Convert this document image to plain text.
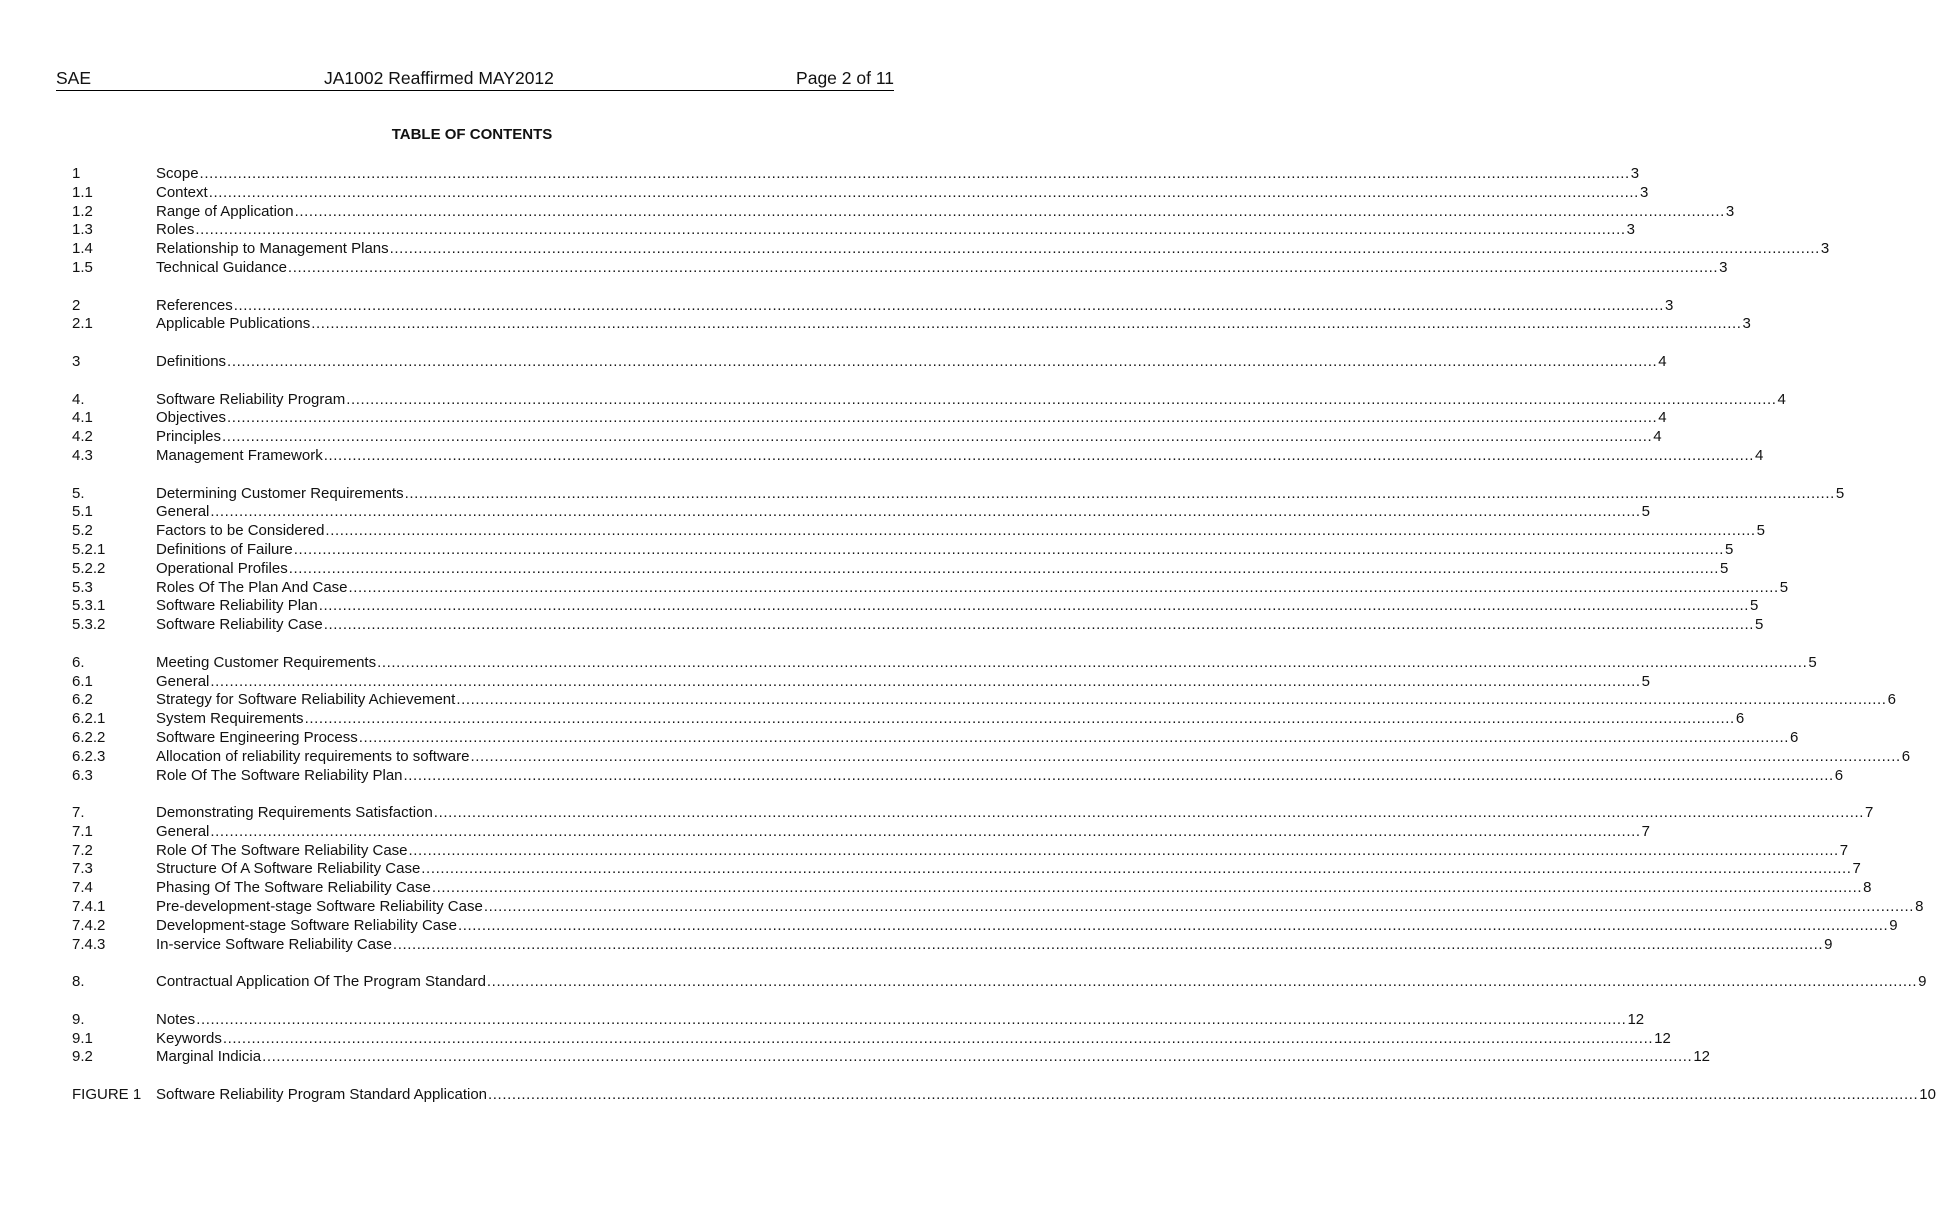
SAE	JA1002 Reaffirmed MAY2012	Page 2 of 11
TABLE OF CONTENTS
1	Scope ............................................................................................................................................................................................................................................................................................................ 3
1.1	Context ............................................................................................................................................................................................................................................................................................................ 3
1.2	Range of Application ............................................................................................................................................................................................................................................................................................................ 3
1.3	Roles ............................................................................................................................................................................................................................................................................................................ 3
1.4	Relationship to Management Plans ............................................................................................................................................................................................................................................................................................................ 3
1.5	Technical Guidance ............................................................................................................................................................................................................................................................................................................ 3
2	References ............................................................................................................................................................................................................................................................................................................ 3
2.1	Applicable Publications ............................................................................................................................................................................................................................................................................................................ 3
3	Definitions ............................................................................................................................................................................................................................................................................................................ 4
4.	Software Reliability Program ............................................................................................................................................................................................................................................................................................................ 4
4.1	Objectives ............................................................................................................................................................................................................................................................................................................ 4
4.2	Principles ............................................................................................................................................................................................................................................................................................................ 4
4.3	Management Framework ............................................................................................................................................................................................................................................................................................................ 4
5.	Determining Customer Requirements ............................................................................................................................................................................................................................................................................................................ 5
5.1	General ............................................................................................................................................................................................................................................................................................................ 5
5.2	Factors to be Considered ............................................................................................................................................................................................................................................................................................................ 5
5.2.1	Definitions of Failure ............................................................................................................................................................................................................................................................................................................ 5
5.2.2	Operational Profiles ............................................................................................................................................................................................................................................................................................................ 5
5.3	Roles Of The Plan And Case ............................................................................................................................................................................................................................................................................................................ 5
5.3.1	Software Reliability Plan ............................................................................................................................................................................................................................................................................................................ 5
5.3.2	Software Reliability Case ............................................................................................................................................................................................................................................................................................................ 5
6.	Meeting Customer Requirements ............................................................................................................................................................................................................................................................................................................ 5
6.1	General ............................................................................................................................................................................................................................................................................................................ 5
6.2	Strategy for Software Reliability Achievement ............................................................................................................................................................................................................................................................................................................ 6
6.2.1	System Requirements ............................................................................................................................................................................................................................................................................................................ 6
6.2.2	Software Engineering Process ............................................................................................................................................................................................................................................................................................................ 6
6.2.3	Allocation of reliability requirements to software ............................................................................................................................................................................................................................................................................................................ 6
6.3	Role Of The Software Reliability Plan ............................................................................................................................................................................................................................................................................................................ 6
7.	Demonstrating Requirements Satisfaction ............................................................................................................................................................................................................................................................................................................ 7
7.1	General ............................................................................................................................................................................................................................................................................................................ 7
7.2	Role Of The Software Reliability Case ............................................................................................................................................................................................................................................................................................................ 7
7.3	Structure Of A Software Reliability Case ............................................................................................................................................................................................................................................................................................................ 7
7.4	Phasing Of The Software Reliability Case ............................................................................................................................................................................................................................................................................................................ 8
7.4.1	Pre-development-stage Software Reliability Case ............................................................................................................................................................................................................................................................................................................ 8
7.4.2	Development-stage Software Reliability Case ............................................................................................................................................................................................................................................................................................................ 9
7.4.3	In-service Software Reliability Case ............................................................................................................................................................................................................................................................................................................ 9
8.	Contractual Application Of The Program Standard ............................................................................................................................................................................................................................................................................................................ 9
9.	Notes ............................................................................................................................................................................................................................................................................................................ 12
9.1	Keywords ............................................................................................................................................................................................................................................................................................................ 12
9.2	Marginal Indicia ............................................................................................................................................................................................................................................................................................................ 12
FIGURE 1 Software Reliability Program Standard Application ............................................................................................................................................................................................................................................................................................................ 10
